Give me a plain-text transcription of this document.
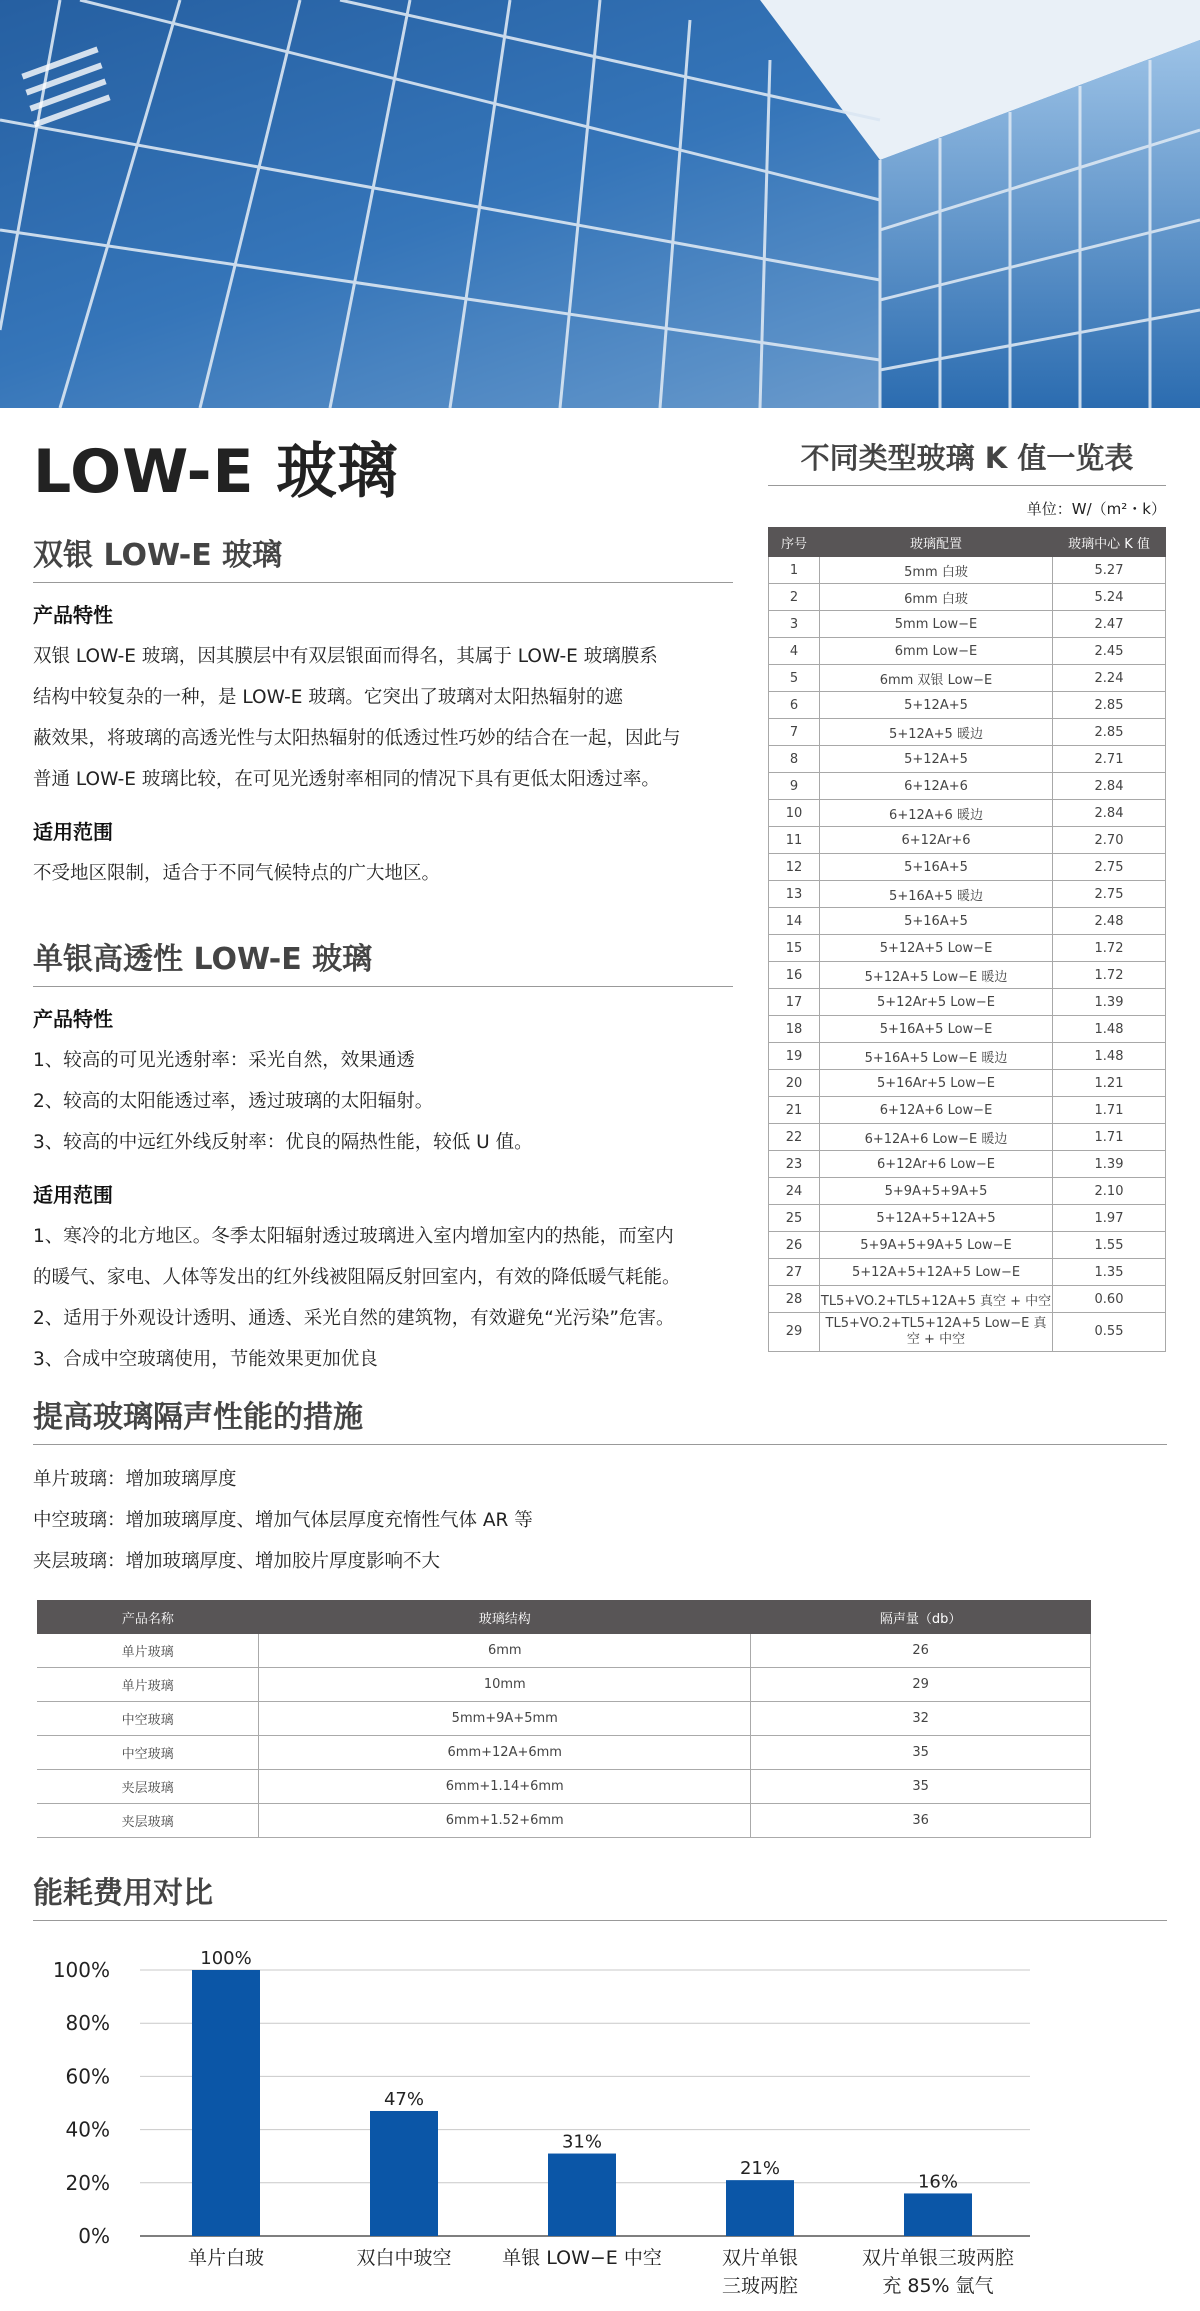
LOW-E 玻璃
双银 LOW-E 玻璃
产品特性

双银 LOW-E 玻璃，因其膜层中有双层银面而得名，其属于 LOW-E 玻璃膜系

结构中较复杂的一种，是 LOW-E 玻璃。它突出了玻璃对太阳热辐射的遮

蔽效果，将玻璃的高透光性与太阳热辐射的低透过性巧妙的结合在一起，因此与

普通 LOW-E 玻璃比较，在可见光透射率相同的情况下具有更低太阳透过率。

适用范围

不受地区限制，适合于不同气候特点的广大地区。

单银高透性 LOW-E 玻璃
产品特性

1、较高的可见光透射率：采光自然，效果通透

2、较高的太阳能透过率，透过玻璃的太阳辐射。

3、较高的中远红外线反射率：优良的隔热性能，较低 U 值。

适用范围

1、寒冷的北方地区。冬季太阳辐射透过玻璃进入室内增加室内的热能，而室内

的暖气、家电、人体等发出的红外线被阻隔反射回室内，有效的降低暖气耗能。

2、适用于外观设计透明、通透、采光自然的建筑物，有效避免“光污染”危害。

3、合成中空玻璃使用，节能效果更加优良

不同类型玻璃 K 值一览表
单位：W/（m²・k）
序号	玻璃配置	玻璃中心 K 值
1	5mm 白玻	5.27
2	6mm 白玻	5.24
3	5mm Low−E	2.47
4	6mm Low−E	2.45
5	6mm 双银 Low−E	2.24
6	5+12A+5	2.85
7	5+12A+5 暖边	2.85
8	5+12A+5	2.71
9	6+12A+6	2.84
10	6+12A+6 暖边	2.84
11	6+12Ar+6	2.70
12	5+16A+5	2.75
13	5+16A+5 暖边	2.75
14	5+16A+5	2.48
15	5+12A+5 Low−E	1.72
16	5+12A+5 Low−E 暖边	1.72
17	5+12Ar+5 Low−E	1.39
18	5+16A+5 Low−E	1.48
19	5+16A+5 Low−E 暖边	1.48
20	5+16Ar+5 Low−E	1.21
21	6+12A+6 Low−E	1.71
22	6+12A+6 Low−E 暖边	1.71
23	6+12Ar+6 Low−E	1.39
24	5+9A+5+9A+5	2.10
25	5+12A+5+12A+5	1.97
26	5+9A+5+9A+5 Low−E	1.55
27	5+12A+5+12A+5 Low−E	1.35
28	TL5+VO.2+TL5+12A+5 真空 + 中空	0.60
29	TL5+VO.2+TL5+12A+5 Low−E 真空 + 中空	0.55
提高玻璃隔声性能的措施

单片玻璃：增加玻璃厚度

中空玻璃：增加玻璃厚度、增加气体层厚度充惰性气体 AR 等

夹层玻璃：增加玻璃厚度、增加胶片厚度影响不大

产品名称	玻璃结构	隔声量（db）
单片玻璃	6mm	26
单片玻璃	10mm	29
中空玻璃	5mm+9A+5mm	32
中空玻璃	6mm+12A+6mm	35
夹层玻璃	6mm+1.14+6mm	35
夹层玻璃	6mm+1.52+6mm	36
能耗费用对比
0%
20%
40%
60%
80%
100%	100%
单片白玻
47%
双白中玻空
31%
单银 LOW−E 中空
21%
双片单银
三玻两腔
16%
双片单银三玻两腔
充 85% 氩气
